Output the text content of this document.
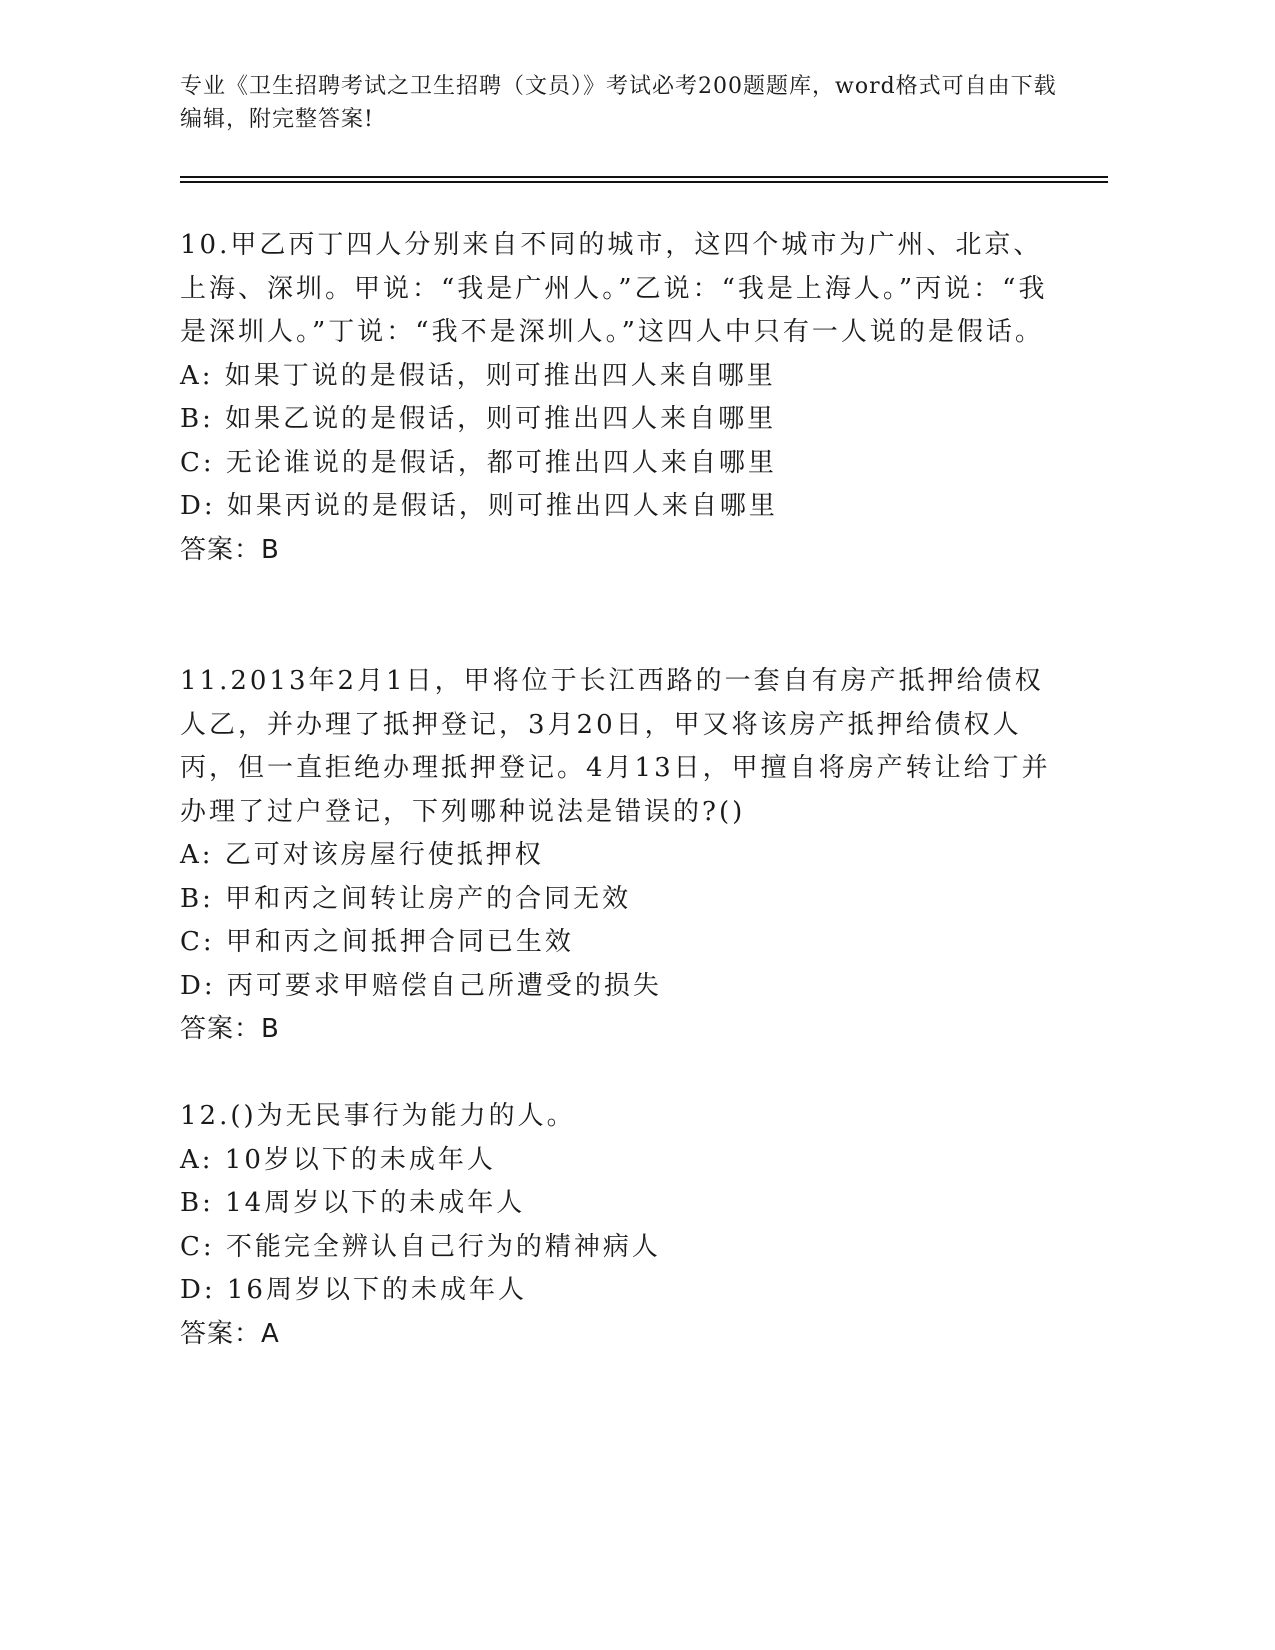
专业《卫生招聘考试之卫生招聘（文员）》考试必考200题题库，word格式可自由下载编辑，附完整答案!
10.甲乙丙丁四人分别来自不同的城市，这四个城市为广州、北京、上海、深圳。甲说：“我是广州人。”乙说：“我是上海人。”丙说：“我是深圳人。”丁说：“我不是深圳人。”这四人中只有一人说的是假话。
A: 如果丁说的是假话，则可推出四人来自哪里
B: 如果乙说的是假话，则可推出四人来自哪里
C: 无论谁说的是假话，都可推出四人来自哪里
D: 如果丙说的是假话，则可推出四人来自哪里
答案：B
11.2013年2月1日，甲将位于长江西路的一套自有房产抵押给债权人乙，并办理了抵押登记，3月20日，甲又将该房产抵押给债权人丙，但一直拒绝办理抵押登记。4月13日，甲擅自将房产转让给丁并办理了过户登记，下列哪种说法是错误的?()
A: 乙可对该房屋行使抵押权
B: 甲和丙之间转让房产的合同无效
C: 甲和丙之间抵押合同已生效
D: 丙可要求甲赔偿自己所遭受的损失
答案：B
12.()为无民事行为能力的人。
A: 10岁以下的未成年人
B: 14周岁以下的未成年人
C: 不能完全辨认自己行为的精神病人
D: 16周岁以下的未成年人
答案：A
